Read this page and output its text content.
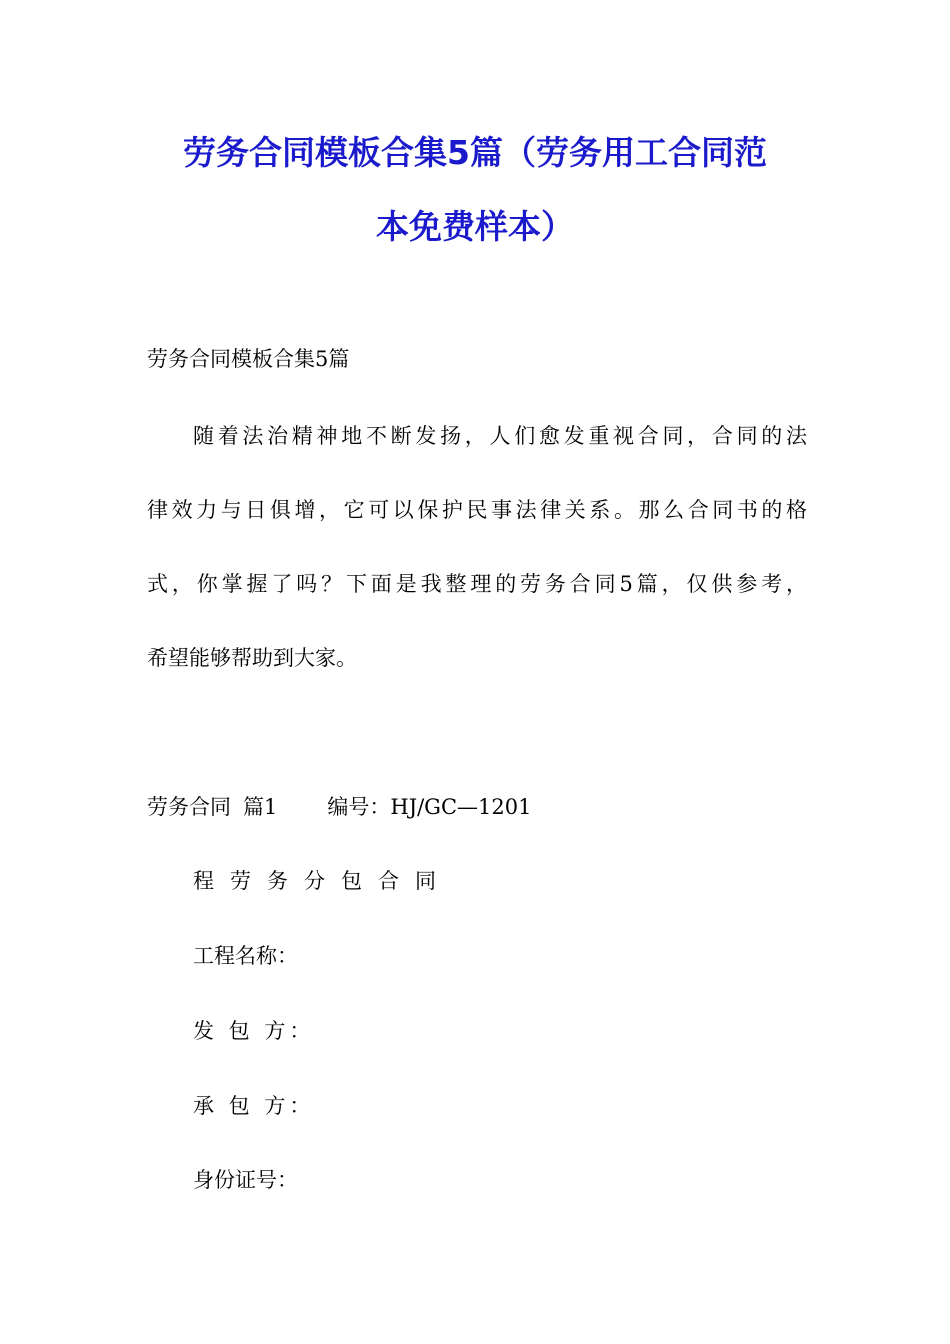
劳务合同模板合集5篇（劳务用工合同范
本免费样本）
劳务合同模板合集5篇
随着法治精神地不断发扬，人们愈发重视合同，合同的法
律效力与日俱增，它可以保护民事法律关系。那么合同书的格
式，你掌握了吗？下面是我整理的劳务合同5篇，仅供参考，
希望能够帮助到大家。
劳务合同 篇1 编号：HJ/GC—1201
程劳务分包合同
工程名称：
发 包 方：
承 包 方：
身份证号：
